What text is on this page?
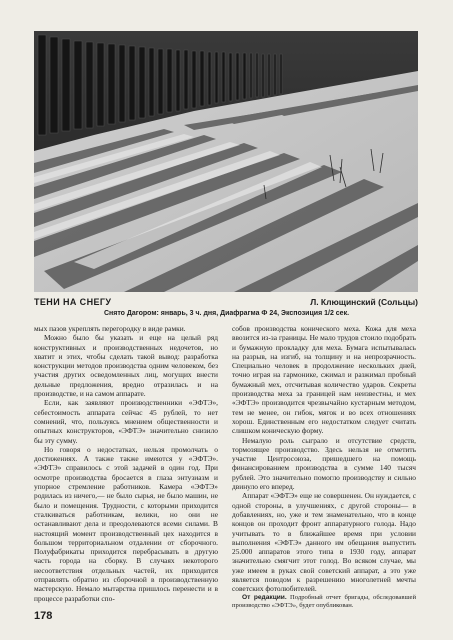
ТЕНИ НА СНЕГУ	Л. Клющинский (Сольцы)
Снято Дагором: январь, 3 ч. дня, Диафрагма Ф 24, Экспозиция 1/2 сек.

мых пазов укреплять перегородку в виде рамки.

Можно было бы указать и еще на целый ряд конструктивных и производственных недочетов, но хватит и этих, чтобы сделать такой вывод: разработка конструкции методов производства одним человеком, без участия других осведомленных лиц, могущих внести дельные предложения, вредно отразилась и на производстве, и на самом аппарате.

Если, как заявляют производственники «ЭФТЭ», себестоимость аппарата сейчас 45 рублей, то нет сомнений, что, пользуясь мнением общественности и опытных конструкторов, «ЭФТЭ» значительно снизило бы эту сумму.

Но говоря о недостатках, нельзя промолчать о достижениях. А также также имеются у «ЭФТЭ». «ЭФТЭ» справилось с этой задачей в один год. При осмотре производства бросается в глаза энтузиазм и упорное стремление работников. Камера «ЭФТЭ» родилась из ничего,— не было сырья, не было машин, не было и помещения. Трудности, с которыми приходится сталкиваться работникам, велики, но они не останавливают дела и преодолеваются всеми силами. В настоящий момент производственный цех находится в большом территориальном отдалении от сборочного. Полуфабрикаты приходится перебрасывать в другую часть города на сборку. В случаях некоторого несоответствия отдельных частей, их приходится отправлять обратно из сборочной в производственную мастерскую. Немало мытарства пришлось перенести и в процессе разработки спо-

собов производства конического меха. Кожа для меха ввозится из-за границы. Не мало трудов стоило подобрать и бумажную прокладку для меха. Бумага испытывалась на разрыв, на изгиб, на толщину и на непрозрачность. Специально человек в продолжение нескольких дней, точно играя на гармонике, сжимал и разжимал пробный бумажный мех, отсчитывая количество ударов. Секреты производства меха за границей нам неизвестны, и мех «ЭФТЭ» производится чрезвычайно кустарным методом, тем не менее, он гибок, мягок и во всех отношениях хорош. Единственным его недостатком следует считать слишком коническую форму.

Немалую роль сыграло и отсутствие средств, тормозящее производство. Здесь нельзя не отметить участие Центросоюза, пришедшего на помощь финансированием производства в сумме 140 тысяч рублей. Это значительно помогло производству и сильно двинуло его вперед.

Аппарат «ЭФТЭ» еще не совершенен. Он нуждается, с одной стороны, в улучшениях, с другой стороны— в добавлениях, но, уже и тем знаменательно, что в конце концов он проходит фронт аппаратурного голода. Надо учитывать то в ближайшее время при условии выполнения «ЭФТЭ» данного им обещания выпустить 25.000 аппаратов этого типа в 1930 году, аппарат значительно смягчит этот голод. Во всяком случае, мы уже имеем в руках свой советский аппарат, а это уже является поводом к разрешению многолетней мечты советских фотолюбителей.

От редакции. Подробный отчет бригады, обследовавшей производство «ЭФТЭ», будет опубликован.

178
